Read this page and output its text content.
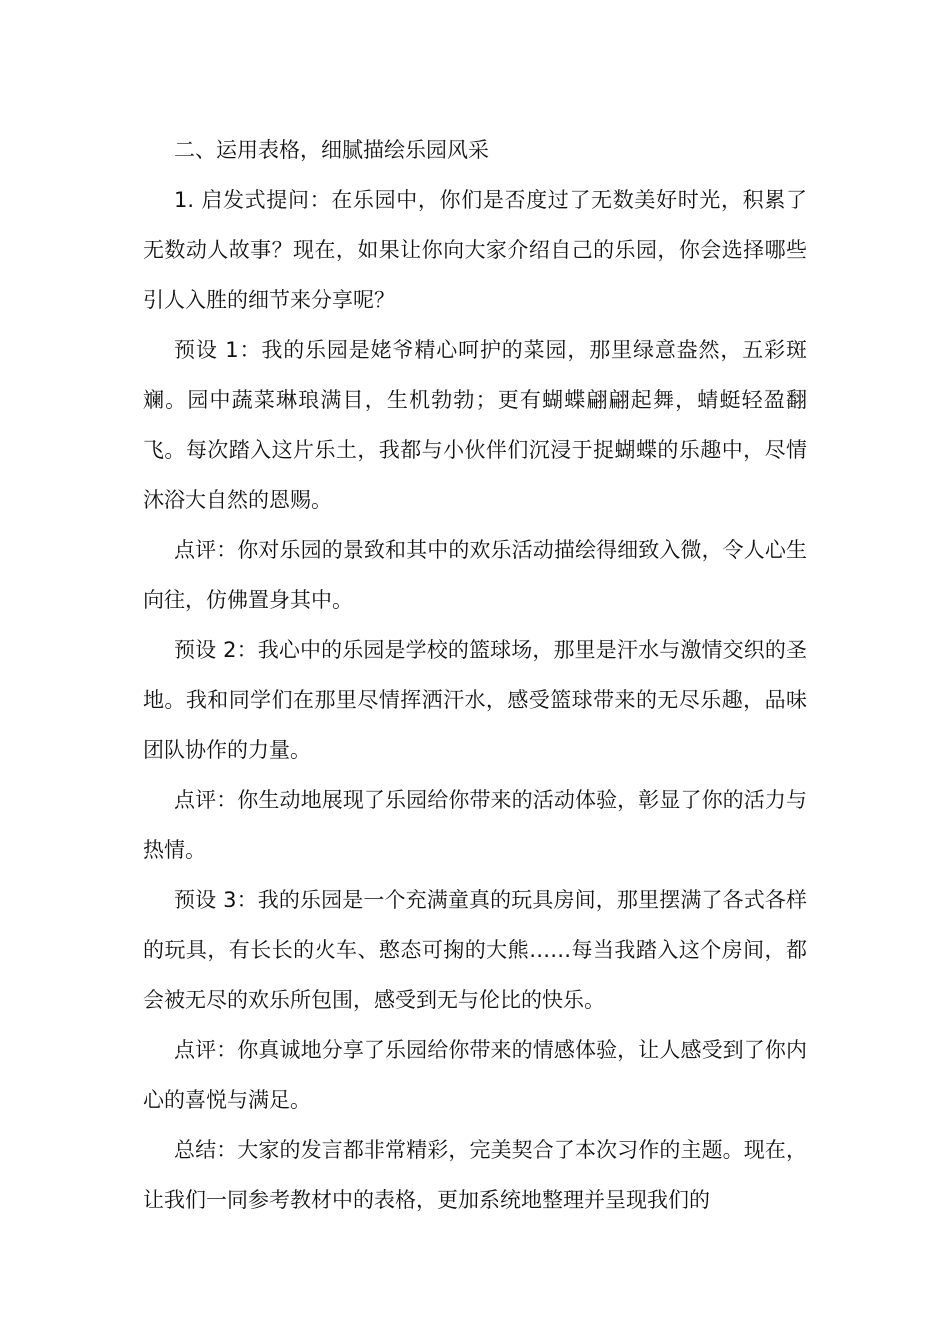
二、运用表格，细腻描绘乐园风采

1. 启发式提问：在乐园中，你们是否度过了无数美好时光，积累了无数动人故事？现在，如果让你向大家介绍自己的乐园，你会选择哪些引人入胜的细节来分享呢？

预设 1：我的乐园是姥爷精心呵护的菜园，那里绿意盎然，五彩斑斓。园中蔬菜琳琅满目，生机勃勃；更有蝴蝶翩翩起舞，蜻蜓轻盈翻飞。每次踏入这片乐土，我都与小伙伴们沉浸于捉蝴蝶的乐趣中，尽情沐浴大自然的恩赐。

点评：你对乐园的景致和其中的欢乐活动描绘得细致入微，令人心生向往，仿佛置身其中。

预设 2：我心中的乐园是学校的篮球场，那里是汗水与激情交织的圣地。我和同学们在那里尽情挥洒汗水，感受篮球带来的无尽乐趣，品味团队协作的力量。

点评：你生动地展现了乐园给你带来的活动体验，彰显了你的活力与热情。

预设 3：我的乐园是一个充满童真的玩具房间，那里摆满了各式各样的玩具，有长长的火车、憨态可掬的大熊……每当我踏入这个房间，都会被无尽的欢乐所包围，感受到无与伦比的快乐。

点评：你真诚地分享了乐园给你带来的情感体验，让人感受到了你内心的喜悦与满足。

总结：大家的发言都非常精彩，完美契合了本次习作的主题。现在，让我们一同参考教材中的表格，更加系统地整理并呈现我们的
